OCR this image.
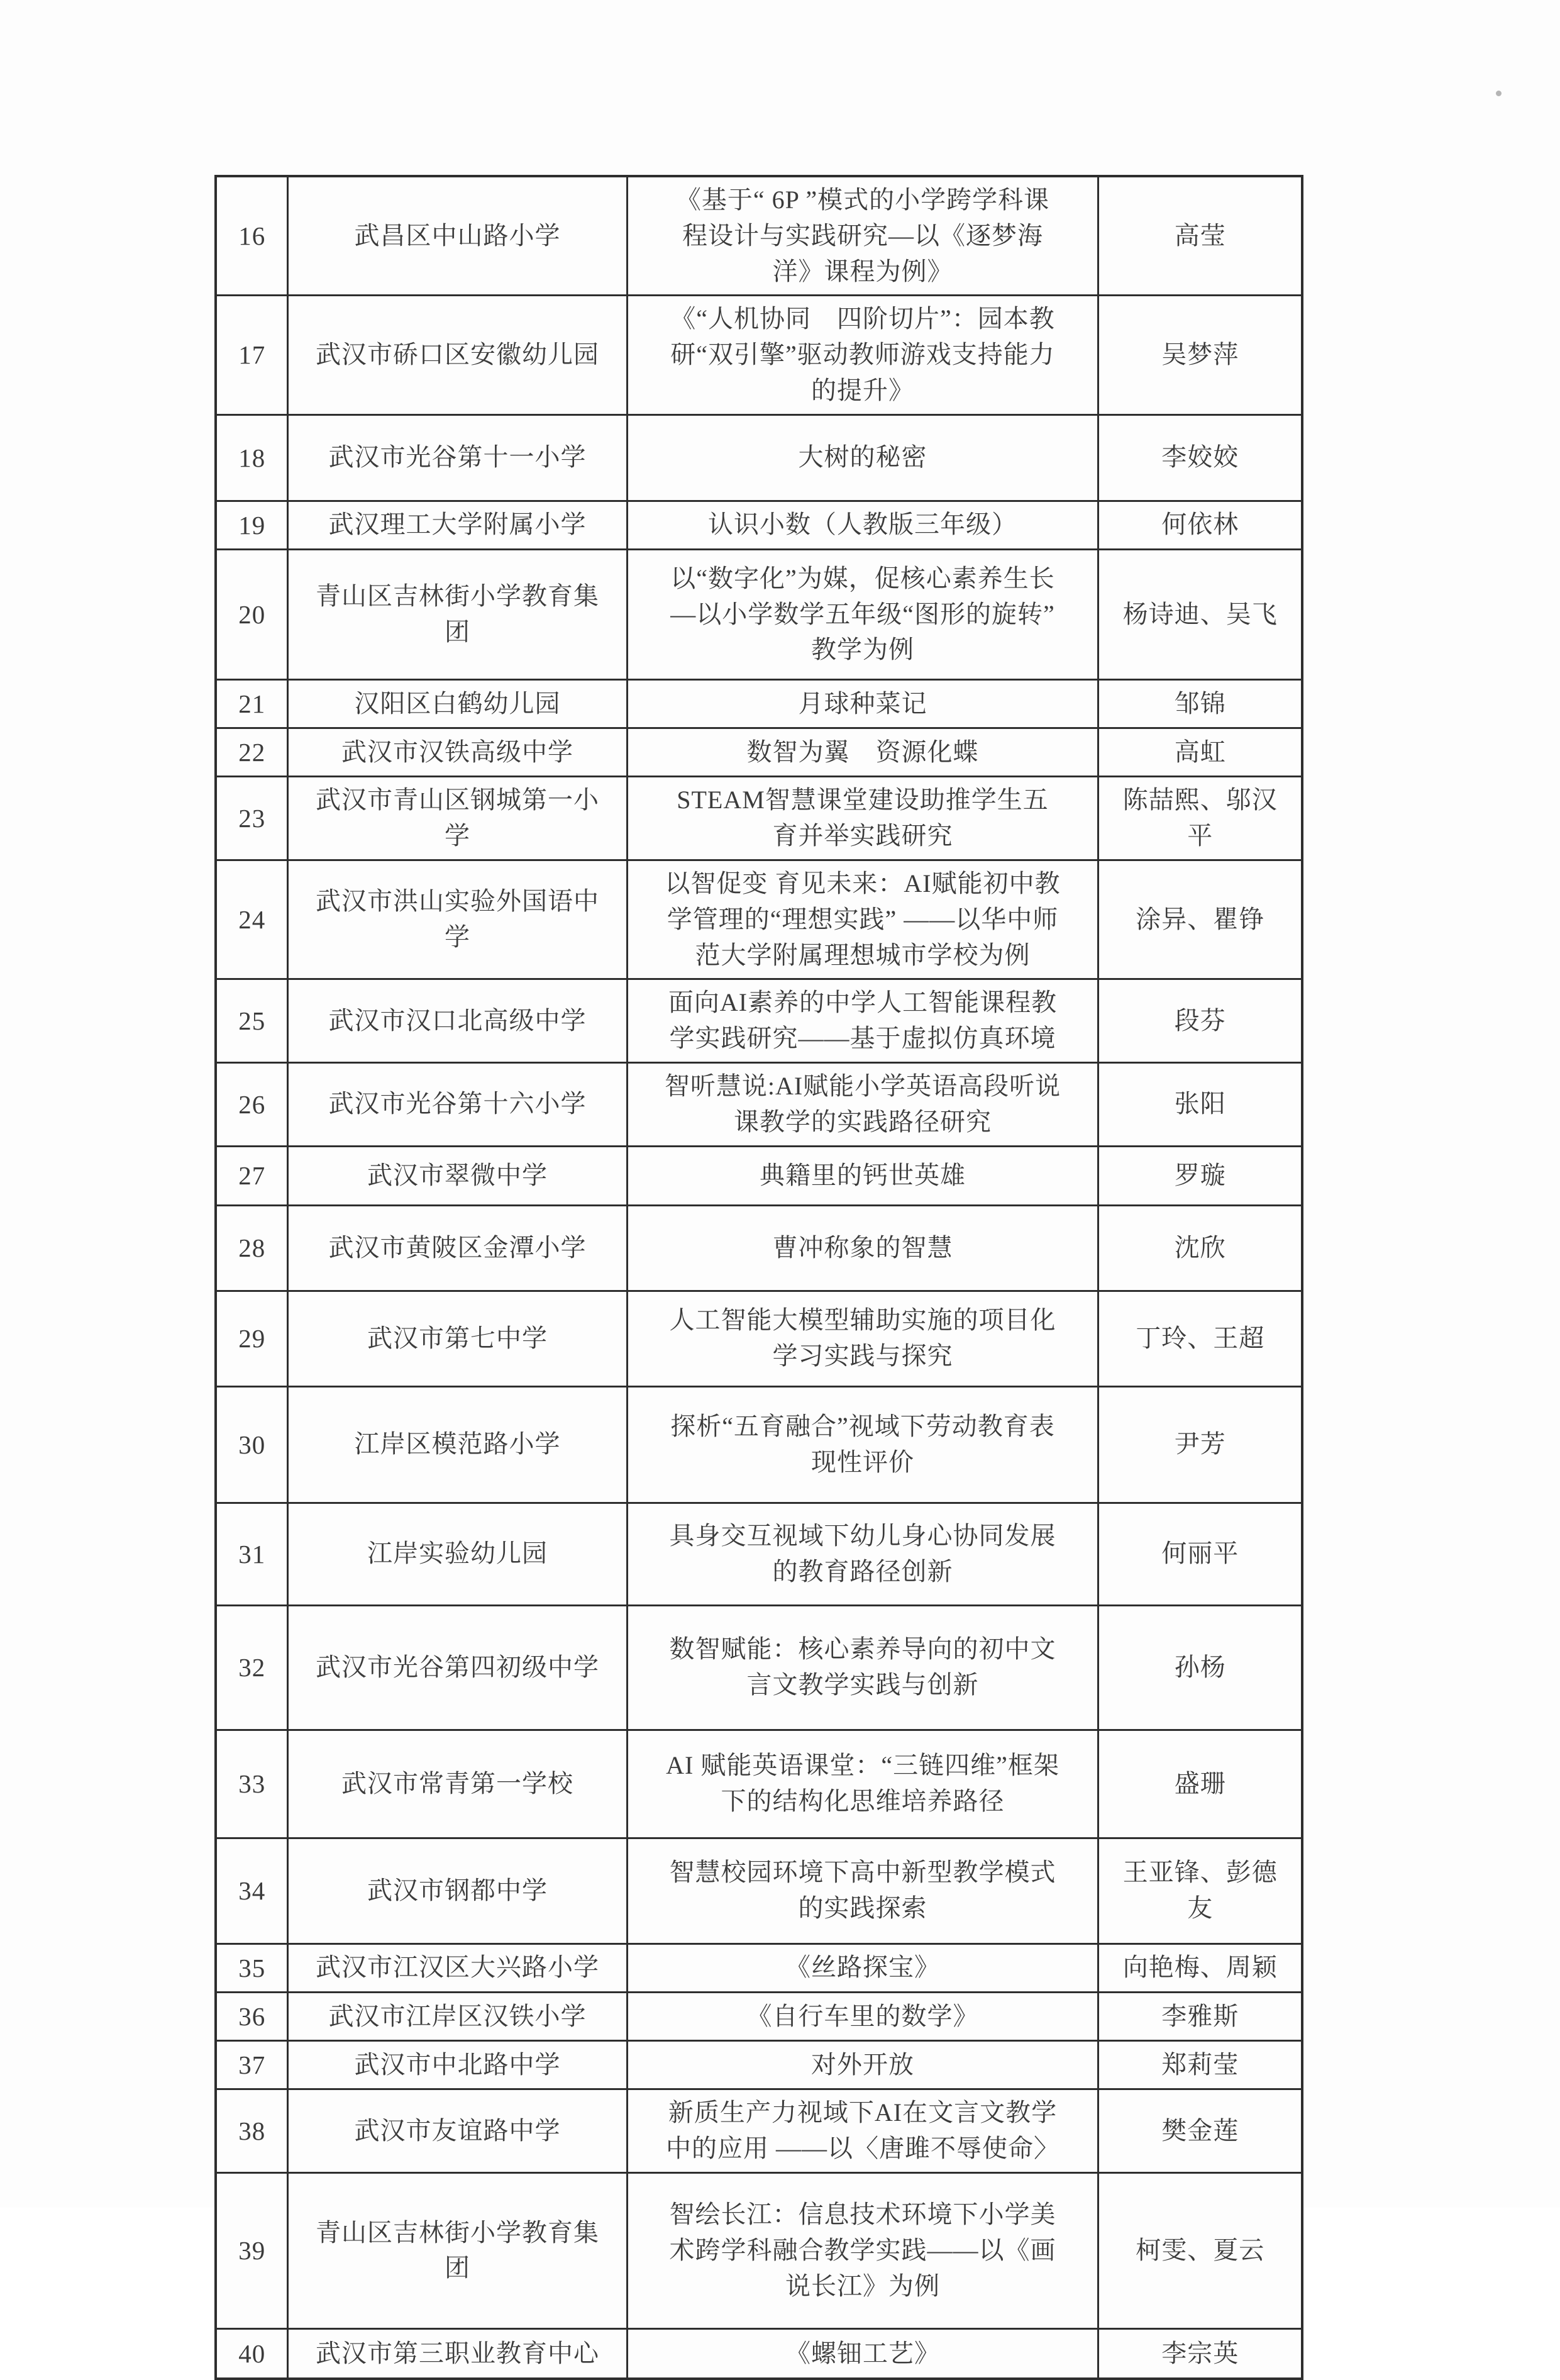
16	武昌区中山路小学	《基于“ 6P ”模式的小学跨学科课程设计与实践研究—以《逐梦海洋》课程为例》	高莹
17	武汉市硚口区安徽幼儿园	《“人机协同　四阶切片”：园本教研“双引擎”驱动教师游戏支持能力的提升》	吴梦萍
18	武汉市光谷第十一小学	大树的秘密	李姣姣
19	武汉理工大学附属小学	认识小数（人教版三年级）	何依林
20	青山区吉林街小学教育集团	以“数字化”为媒，促核心素养生长 —以小学数学五年级“图形的旋转”教学为例	杨诗迪、吴飞
21	汉阳区白鹤幼儿园	月球种菜记	邹锦
22	武汉市汉铁高级中学	数智为翼　资源化蝶	高虹
23	武汉市青山区钢城第一小学	STEAM智慧课堂建设助推学生五育并举实践研究	陈喆熙、邬汉平
24	武汉市洪山实验外国语中学	以智促变 育见未来：AI赋能初中教学管理的“理想实践” ——以华中师范大学附属理想城市学校为例	涂异、瞿铮
25	武汉市汉口北高级中学	面向AI素养的中学人工智能课程教学实践研究——基于虚拟仿真环境	段芬
26	武汉市光谷第十六小学	智听慧说:AI赋能小学英语高段听说课教学的实践路径研究	张阳
27	武汉市翠微中学	典籍里的钙世英雄	罗璇
28	武汉市黄陂区金潭小学	曹冲称象的智慧	沈欣
29	武汉市第七中学	人工智能大模型辅助实施的项目化学习实践与探究	丁玲、王超
30	江岸区模范路小学	探析“五育融合”视域下劳动教育表现性评价	尹芳
31	江岸实验幼儿园	具身交互视域下幼儿身心协同发展的教育路径创新	何丽平
32	武汉市光谷第四初级中学	数智赋能：核心素养导向的初中文言文教学实践与创新	孙杨
33	武汉市常青第一学校	AI 赋能英语课堂：“三链四维”框架下的结构化思维培养路径	盛珊
34	武汉市钢都中学	智慧校园环境下高中新型教学模式的实践探索	王亚锋、彭德友
35	武汉市江汉区大兴路小学	《丝路探宝》	向艳梅、周颖
36	武汉市江岸区汉铁小学	《自行车里的数学》	李雅斯
37	武汉市中北路中学	对外开放	郑莉莹
38	武汉市友谊路中学	新质生产力视域下AI在文言文教学中的应用 ——以〈唐雎不辱使命〉	樊金莲
39	青山区吉林街小学教育集团	智绘长江：信息技术环境下小学美术跨学科融合教学实践——以《画说长江》为例	柯雯、夏云
40	武汉市第三职业教育中心	《螺钿工艺》	李宗英
